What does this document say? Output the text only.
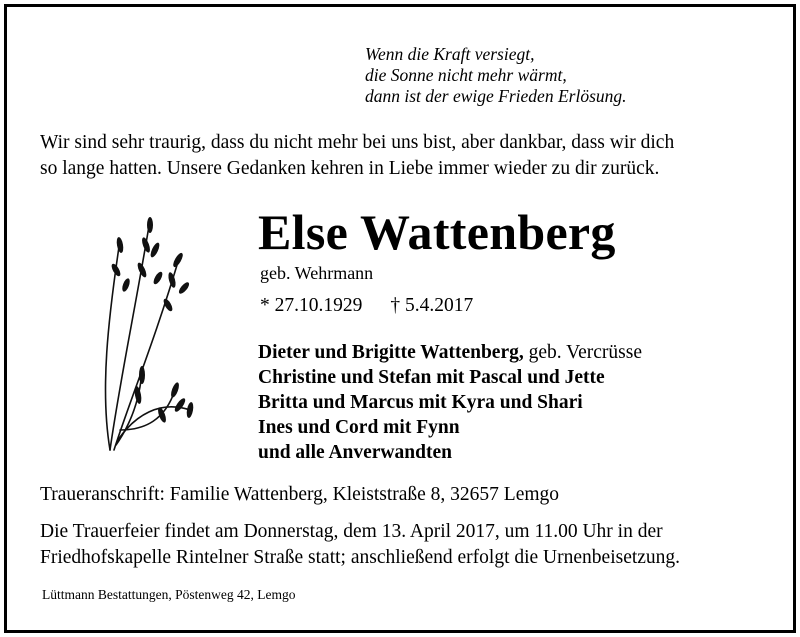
Wenn die Kraft versiegt,
die Sonne nicht mehr wärmt,
dann ist der ewige Frieden Erlösung.
Wir sind sehr traurig, dass du nicht mehr bei uns bist, aber dankbar, dass wir dich
so lange hatten. Unsere Gedanken kehren in Liebe immer wieder zu dir zurück.
Else Wattenberg
geb. Wehrmann
* 27.10.1929 † 5.4.2017
Dieter und Brigitte Wattenberg, geb. Vercrüsse
Christine und Stefan mit Pascal und Jette
Britta und Marcus mit Kyra und Shari
Ines und Cord mit Fynn
und alle Anverwandten
Traueranschrift: Familie Wattenberg, Kleiststraße 8, 32657 Lemgo
Die Trauerfeier findet am Donnerstag, dem 13. April 2017, um 11.00 Uhr in der
Friedhofskapelle Rintelner Straße statt; anschließend erfolgt die Urnenbeisetzung.
Lüttmann Bestattungen, Pöstenweg 42, Lemgo
